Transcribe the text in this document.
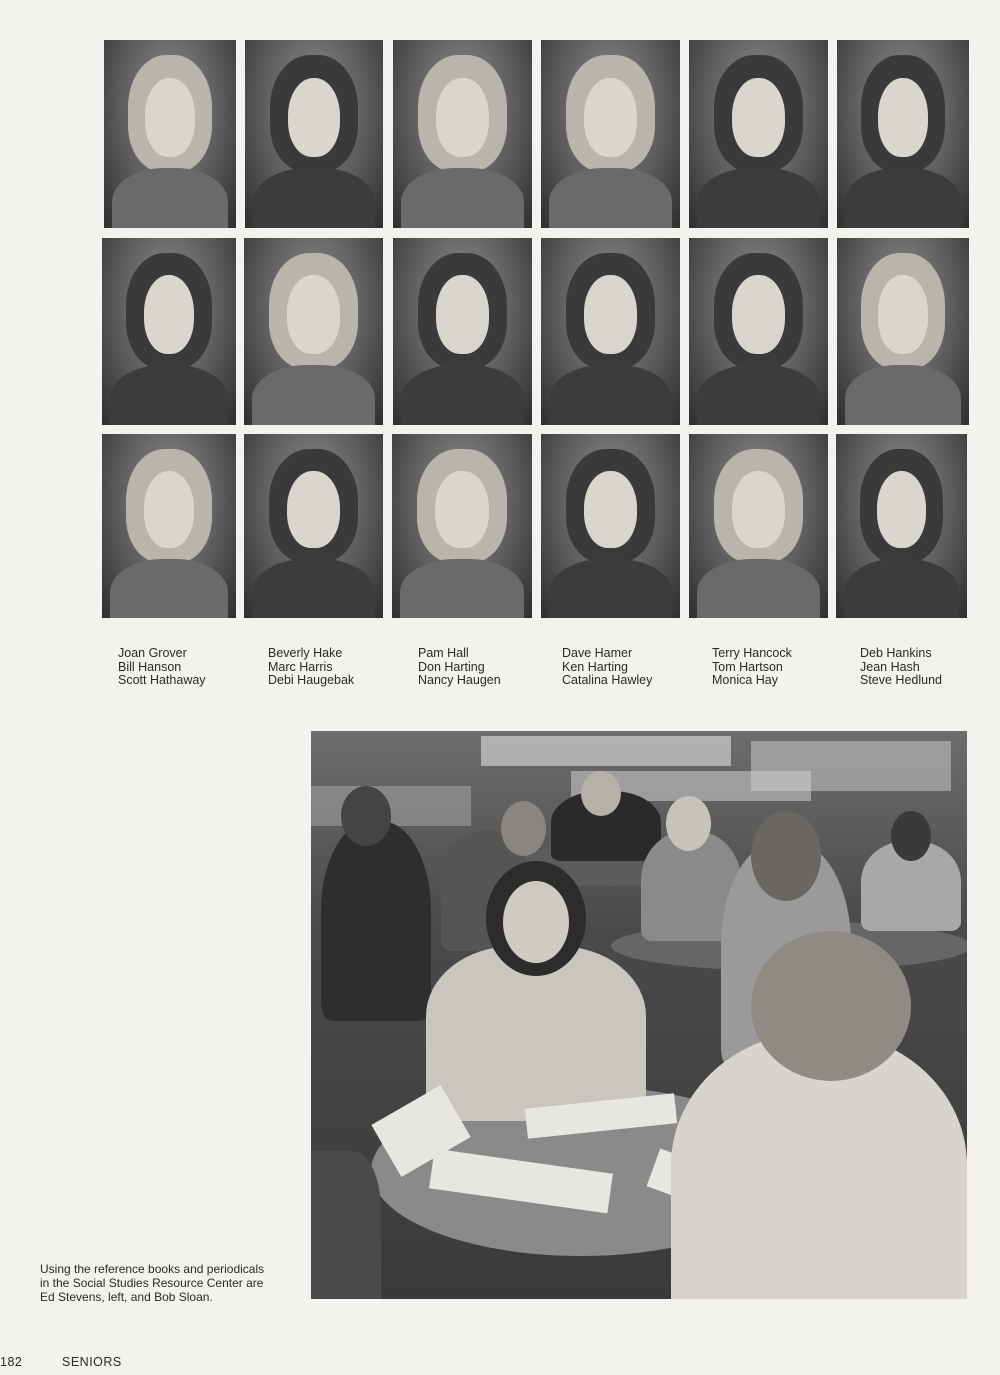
Joan Grover
Bill Hanson
Scott Hathaway
Beverly Hake
Marc Harris
Debi Haugebak
Pam Hall
Don Harting
Nancy Haugen
Dave Hamer
Ken Harting
Catalina Hawley
Terry Hancock
Tom Hartson
Monica Hay
Deb Hankins
Jean Hash
Steve Hedlund
Using the reference books and periodicals
in the Social Studies Resource Center are
Ed Stevens, left, and Bob Sloan.
182	SENIORS
